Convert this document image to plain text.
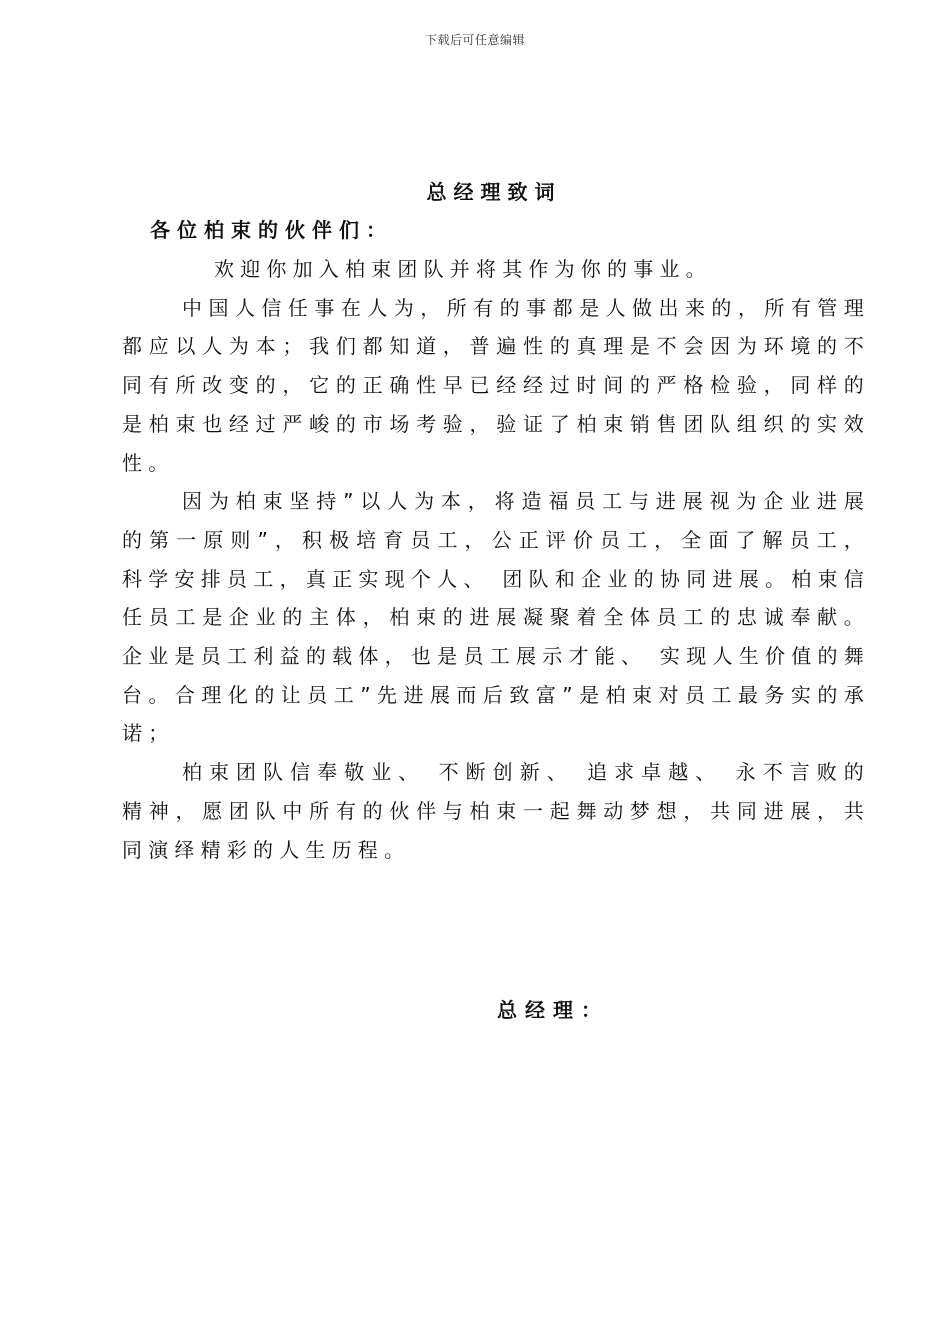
下载后可任意编辑
总经理致词
各位柏束的伙伴们：

欢迎你加入柏束团队并将其作为你的事业。

中国人信任事在人为，所有的事都是人做出来的，所有管理都应以人为本；我们都知道，普遍性的真理是不会因为环境的不同有所改变的，它的正确性早已经经过时间的严格检验，同样的是柏束也经过严峻的市场考验，验证了柏束销售团队组织的实效性。

因为柏束坚持”以人为本，将造福员工与进展视为企业进展的第一原则”，积极培育员工，公正评价员工，全面了解员工，科学安排员工，真正实现个人、 团队和企业的协同进展。柏束信任员工是企业的主体，柏束的进展凝聚着全体员工的忠诚奉献。企业是员工利益的载体，也是员工展示才能、 实现人生价值的舞台。合理化的让员工”先进展而后致富”是柏束对员工最务实的承诺；

柏束团队信奉敬业、 不断创新、 追求卓越、 永不言败的精神，愿团队中所有的伙伴与柏束一起舞动梦想，共同进展，共同演绎精彩的人生历程。

总经理：
